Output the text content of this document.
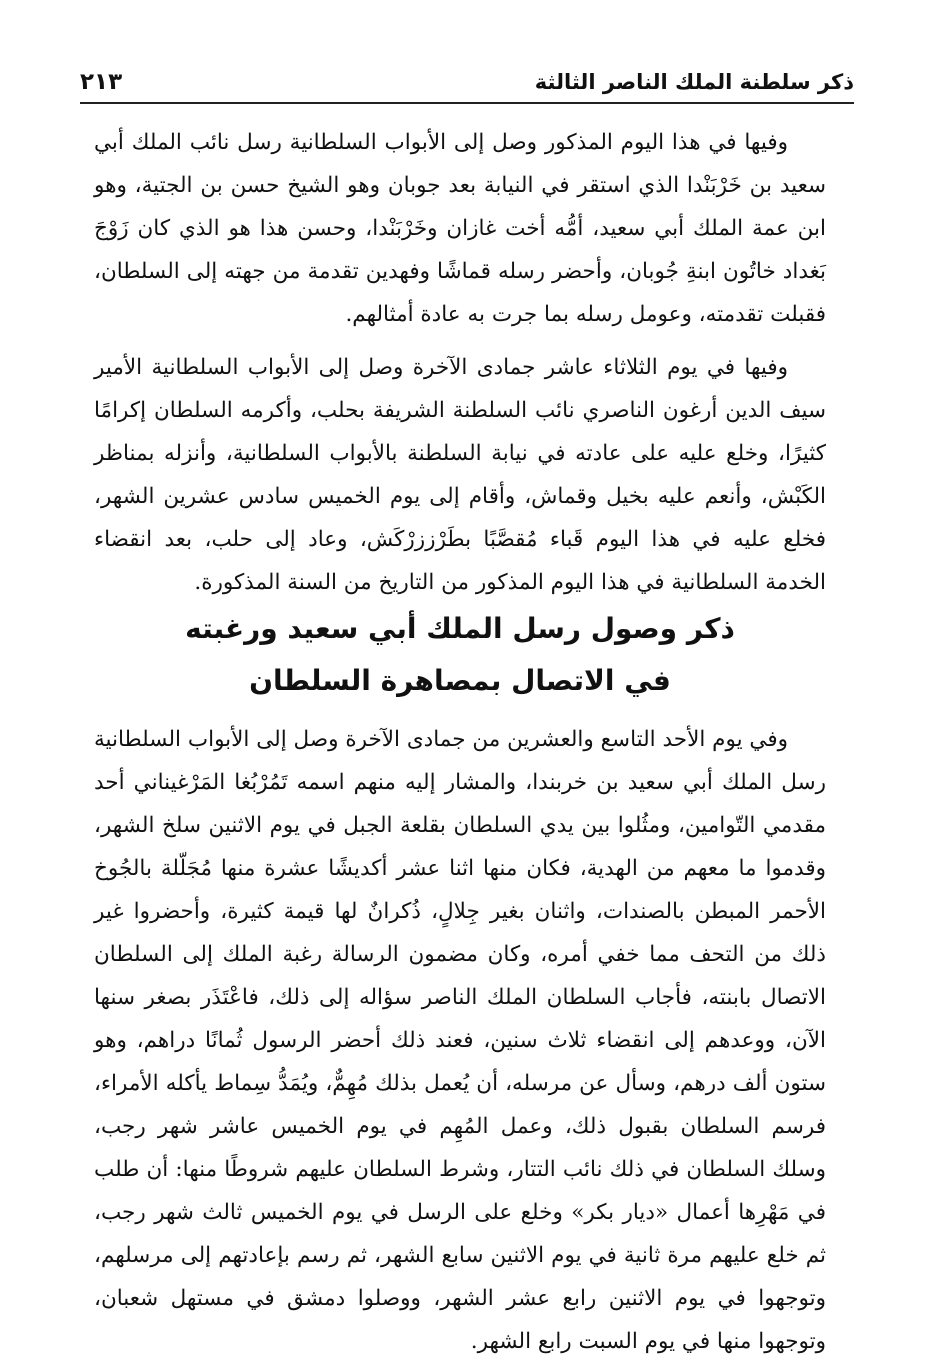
ذكر سلطنة الملك الناصر الثالثة
٢١٣

وفيها في هذا اليوم المذكور وصل إلى الأبواب السلطانية رسل نائب الملك أبي سعيد بن خَرْبَنْدا الذي استقر في النيابة بعد جوبان وهو الشيخ حسن بن الجتية، وهو ابن عمة الملك أبي سعيد، أمُّه أخت غازان وخَرْبَنْدا، وحسن هذا هو الذي كان زَوْجَ بَغداد خاتُون ابنةِ جُوبان، وأحضر رسله قماشًا وفهدين تقدمة من جهته إلى السلطان، فقبلت تقدمته، وعومل رسله بما جرت به عادة أمثالهم.

وفيها في يوم الثلاثاء عاشر جمادى الآخرة وصل إلى الأبواب السلطانية الأمير سيف الدين أرغون الناصري نائب السلطنة الشريفة بحلب، وأكرمه السلطان إكرامًا كثيرًا، وخلع عليه على عادته في نيابة السلطنة بالأبواب السلطانية، وأنزله بمناظر الكَبْش، وأنعم عليه بخيل وقماش، وأقام إلى يوم الخميس سادس عشرين الشهر، فخلع عليه في هذا اليوم قَباء مُقصَّبًا بطَرْززرْكَش، وعاد إلى حلب، بعد انقضاء الخدمة السلطانية في هذا اليوم المذكور من التاريخ من السنة المذكورة.

ذكر وصول رسل الملك أبي سعيد ورغبته
في الاتصال بمصاهرة السلطان

وفي يوم الأحد التاسع والعشرين من جمادى الآخرة وصل إلى الأبواب السلطانية رسل الملك أبي سعيد بن خربندا، والمشار إليه منهم اسمه تَمُرْبُغا المَرْغيناني أحد مقدمي التّوامين، ومثُلوا بين يدي السلطان بقلعة الجبل في يوم الاثنين سلخ الشهر، وقدموا ما معهم من الهدية، فكان منها اثنا عشر أكديشًا عشرة منها مُجَلّلة بالجُوخ الأحمر المبطن بالصندات، واثنان بغير جِلالٍ، ذُكرانٌ لها قيمة كثيرة، وأحضروا غير ذلك من التحف مما خفي أمره، وكان مضمون الرسالة رغبة الملك إلى السلطان الاتصال بابنته، فأجاب السلطان الملك الناصر سؤاله إلى ذلك، فاعْتَذَر بصغر سنها الآن، ووعدهم إلى انقضاء ثلاث سنين، فعند ذلك أحضر الرسول ثُمانًا دراهم، وهو ستون ألف درهم، وسأل عن مرسله، أن يُعمل بذلك مُهِمٌّ، ويُمَدُّ سِماط يأكله الأمراء، فرسم السلطان بقبول ذلك، وعمل المُهِم في يوم الخميس عاشر شهر رجب، وسلك السلطان في ذلك نائب التتار، وشرط السلطان عليهم شروطًا منها: أن طلب في مَهْرِها أعمال «ديار بكر» وخلع على الرسل في يوم الخميس ثالث شهر رجب، ثم خلع عليهم مرة ثانية في يوم الاثنين سابع الشهر، ثم رسم بإعادتهم إلى مرسلهم، وتوجهوا في يوم الاثنين رابع عشر الشهر، ووصلوا دمشق في مستهل شعبان، وتوجهوا منها في يوم السبت رابع الشهر.
